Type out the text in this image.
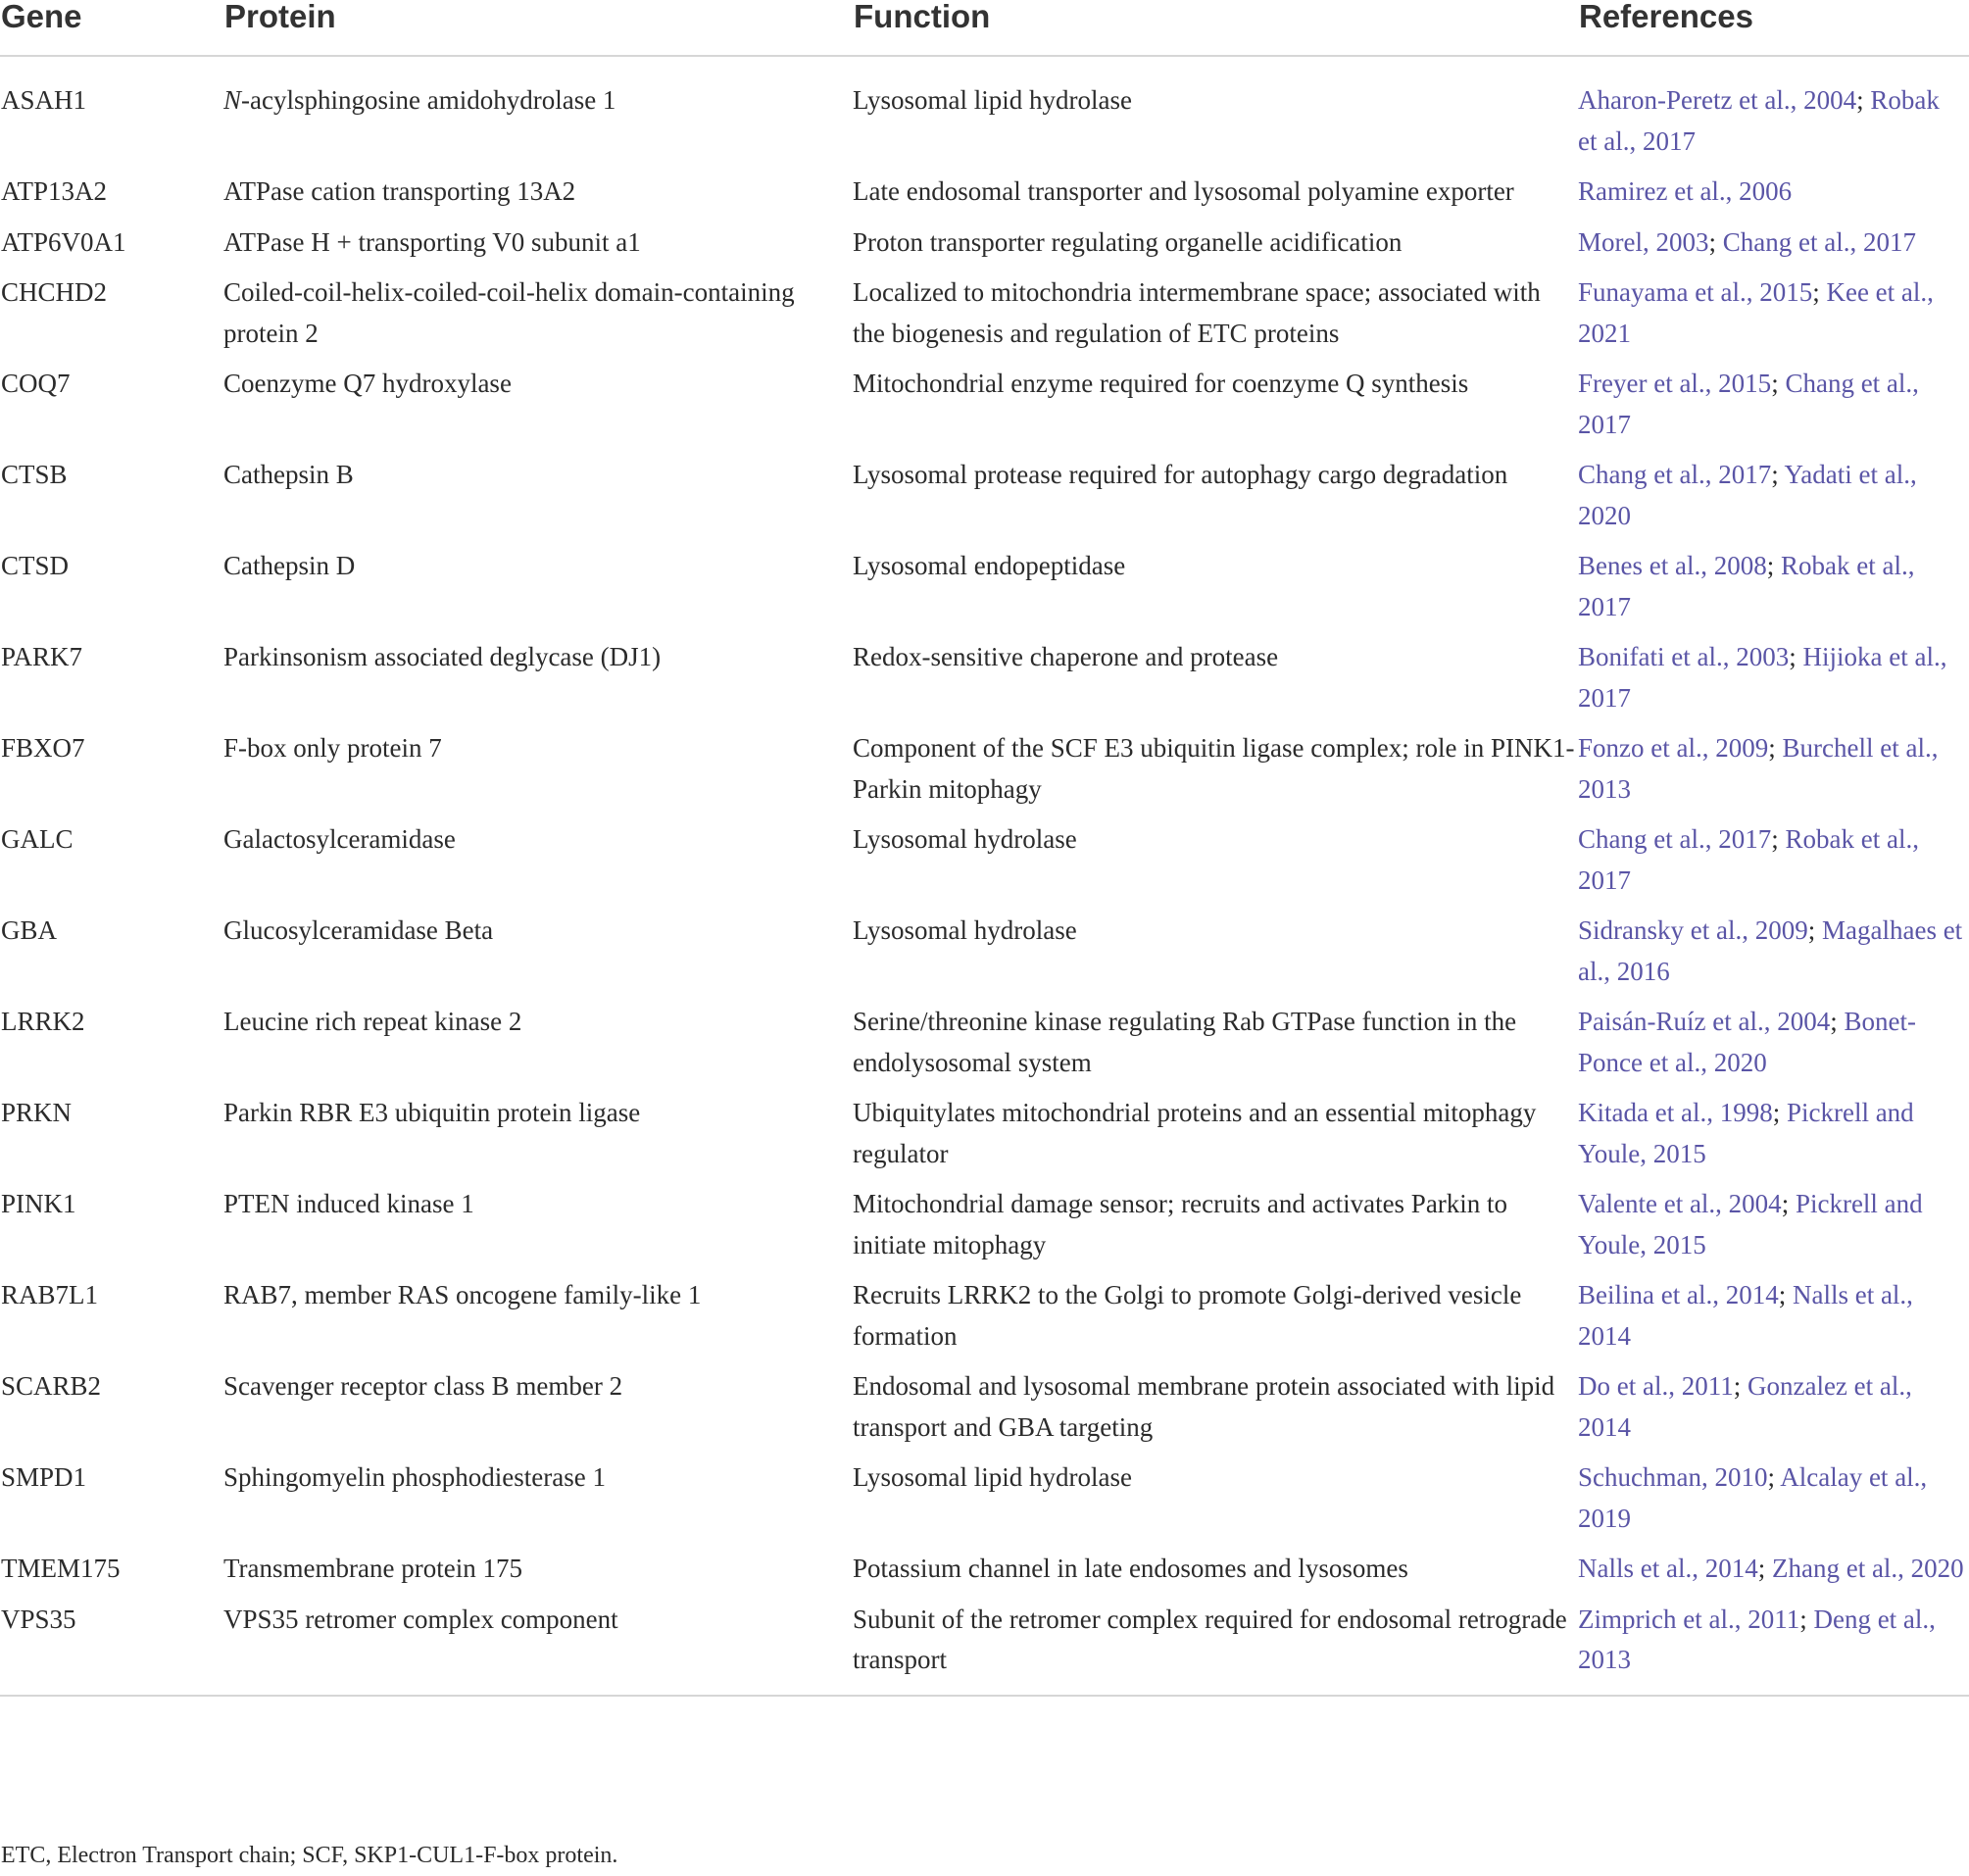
Gene	Protein	Function	References
ASAH1	N-acylsphingosine amidohydrolase 1	Lysosomal lipid hydrolase	Aharon-Peretz et al., 2004; Robak et al., 2017
ATP13A2	ATPase cation transporting 13A2	Late endosomal transporter and lysosomal polyamine exporter	Ramirez et al., 2006
ATP6V0A1	ATPase H + transporting V0 subunit a1	Proton transporter regulating organelle acidification	Morel, 2003; Chang et al., 2017
CHCHD2	Coiled-coil-helix-coiled-coil-helix domain-containing protein 2	Localized to mitochondria intermembrane space; associated with the biogenesis and regulation of ETC proteins	Funayama et al., 2015; Kee et al., 2021
COQ7	Coenzyme Q7 hydroxylase	Mitochondrial enzyme required for coenzyme Q synthesis	Freyer et al., 2015; Chang et al., 2017
CTSB	Cathepsin B	Lysosomal protease required for autophagy cargo degradation	Chang et al., 2017; Yadati et al., 2020
CTSD	Cathepsin D	Lysosomal endopeptidase	Benes et al., 2008; Robak et al., 2017
PARK7	Parkinsonism associated deglycase (DJ1)	Redox-sensitive chaperone and protease	Bonifati et al., 2003; Hijioka et al., 2017
FBXO7	F-box only protein 7	Component of the SCF E3 ubiquitin ligase complex; role in PINK1-Parkin mitophagy	Fonzo et al., 2009; Burchell et al., 2013
GALC	Galactosylceramidase	Lysosomal hydrolase	Chang et al., 2017; Robak et al., 2017
GBA	Glucosylceramidase Beta	Lysosomal hydrolase	Sidransky et al., 2009; Magalhaes et al., 2016
LRRK2	Leucine rich repeat kinase 2	Serine/threonine kinase regulating Rab GTPase function in the endolysosomal system	Paisán-Ruíz et al., 2004; Bonet-Ponce et al., 2020
PRKN	Parkin RBR E3 ubiquitin protein ligase	Ubiquitylates mitochondrial proteins and an essential mitophagy regulator	Kitada et al., 1998; Pickrell and Youle, 2015
PINK1	PTEN induced kinase 1	Mitochondrial damage sensor; recruits and activates Parkin to initiate mitophagy	Valente et al., 2004; Pickrell and Youle, 2015
RAB7L1	RAB7, member RAS oncogene family-like 1	Recruits LRRK2 to the Golgi to promote Golgi-derived vesicle formation	Beilina et al., 2014; Nalls et al., 2014
SCARB2	Scavenger receptor class B member 2	Endosomal and lysosomal membrane protein associated with lipid transport and GBA targeting	Do et al., 2011; Gonzalez et al., 2014
SMPD1	Sphingomyelin phosphodiesterase 1	Lysosomal lipid hydrolase	Schuchman, 2010; Alcalay et al., 2019
TMEM175	Transmembrane protein 175	Potassium channel in late endosomes and lysosomes	Nalls et al., 2014; Zhang et al., 2020
VPS35	VPS35 retromer complex component	Subunit of the retromer complex required for endosomal retrograde transport	Zimprich et al., 2011; Deng et al., 2013
ETC, Electron Transport chain; SCF, SKP1-CUL1-F-box protein.
